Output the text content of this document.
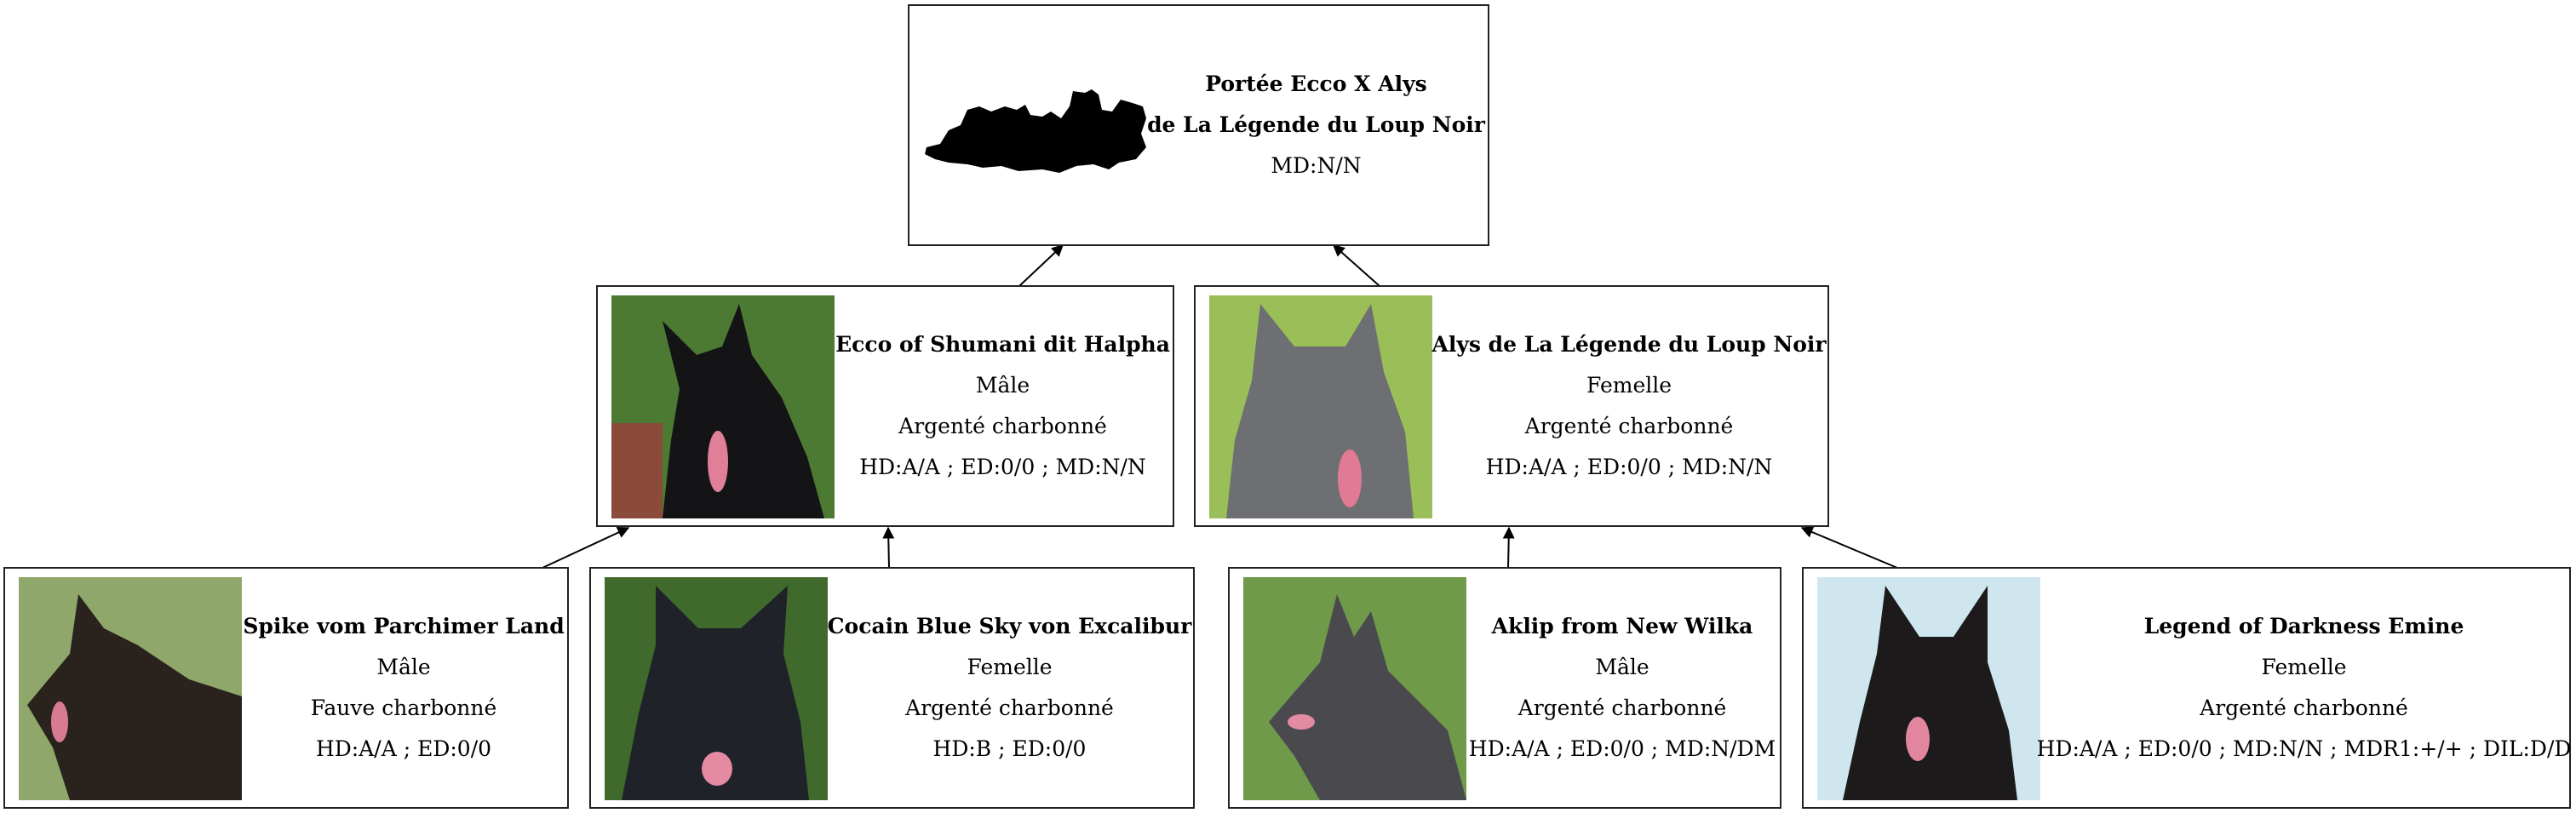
Portée Ecco X Alys
de La Légende du Loup Noir
MD:N/N
Ecco of Shumani dit Halpha
Mâle
Argenté charbonné
HD:A/A ; ED:0/0 ; MD:N/N
Alys de La Légende du Loup Noir
Femelle
Argenté charbonné
HD:A/A ; ED:0/0 ; MD:N/N
Spike vom Parchimer Land
Mâle
Fauve charbonné
HD:A/A ; ED:0/0
Cocain Blue Sky von Excalibur
Femelle
Argenté charbonné
HD:B ; ED:0/0
Aklip from New Wilka
Mâle
Argenté charbonné
HD:A/A ; ED:0/0 ; MD:N/DM
Legend of Darkness Emine
Femelle
Argenté charbonné
HD:A/A ; ED:0/0 ; MD:N/N ; MDR1:+/+ ; DIL:D/D
